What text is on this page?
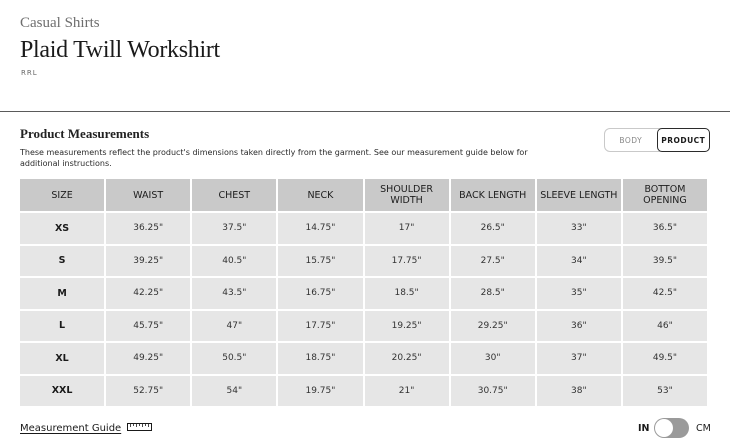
Casual Shirts
Plaid Twill Workshirt
RRL
Product Measurements
These measurements reflect the product's dimensions taken directly from the garment. See our measurement guide below for additional instructions.
BODY	PRODUCT
SIZE	WAIST	CHEST	NECK	SHOULDER WIDTH	BACK LENGTH	SLEEVE LENGTH	BOTTOM OPENING
XS	36.25"	37.5"	14.75"	17"	26.5"	33"	36.5"
S	39.25"	40.5"	15.75"	17.75"	27.5"	34"	39.5"
M	42.25"	43.5"	16.75"	18.5"	28.5"	35"	42.5"
L	45.75"	47"	17.75"	19.25"	29.25"	36"	46"
XL	49.25"	50.5"	18.75"	20.25"	30"	37"	49.5"
XXL	52.75"	54"	19.75"	21"	30.75"	38"	53"
Measurement Guide	IN	CM
